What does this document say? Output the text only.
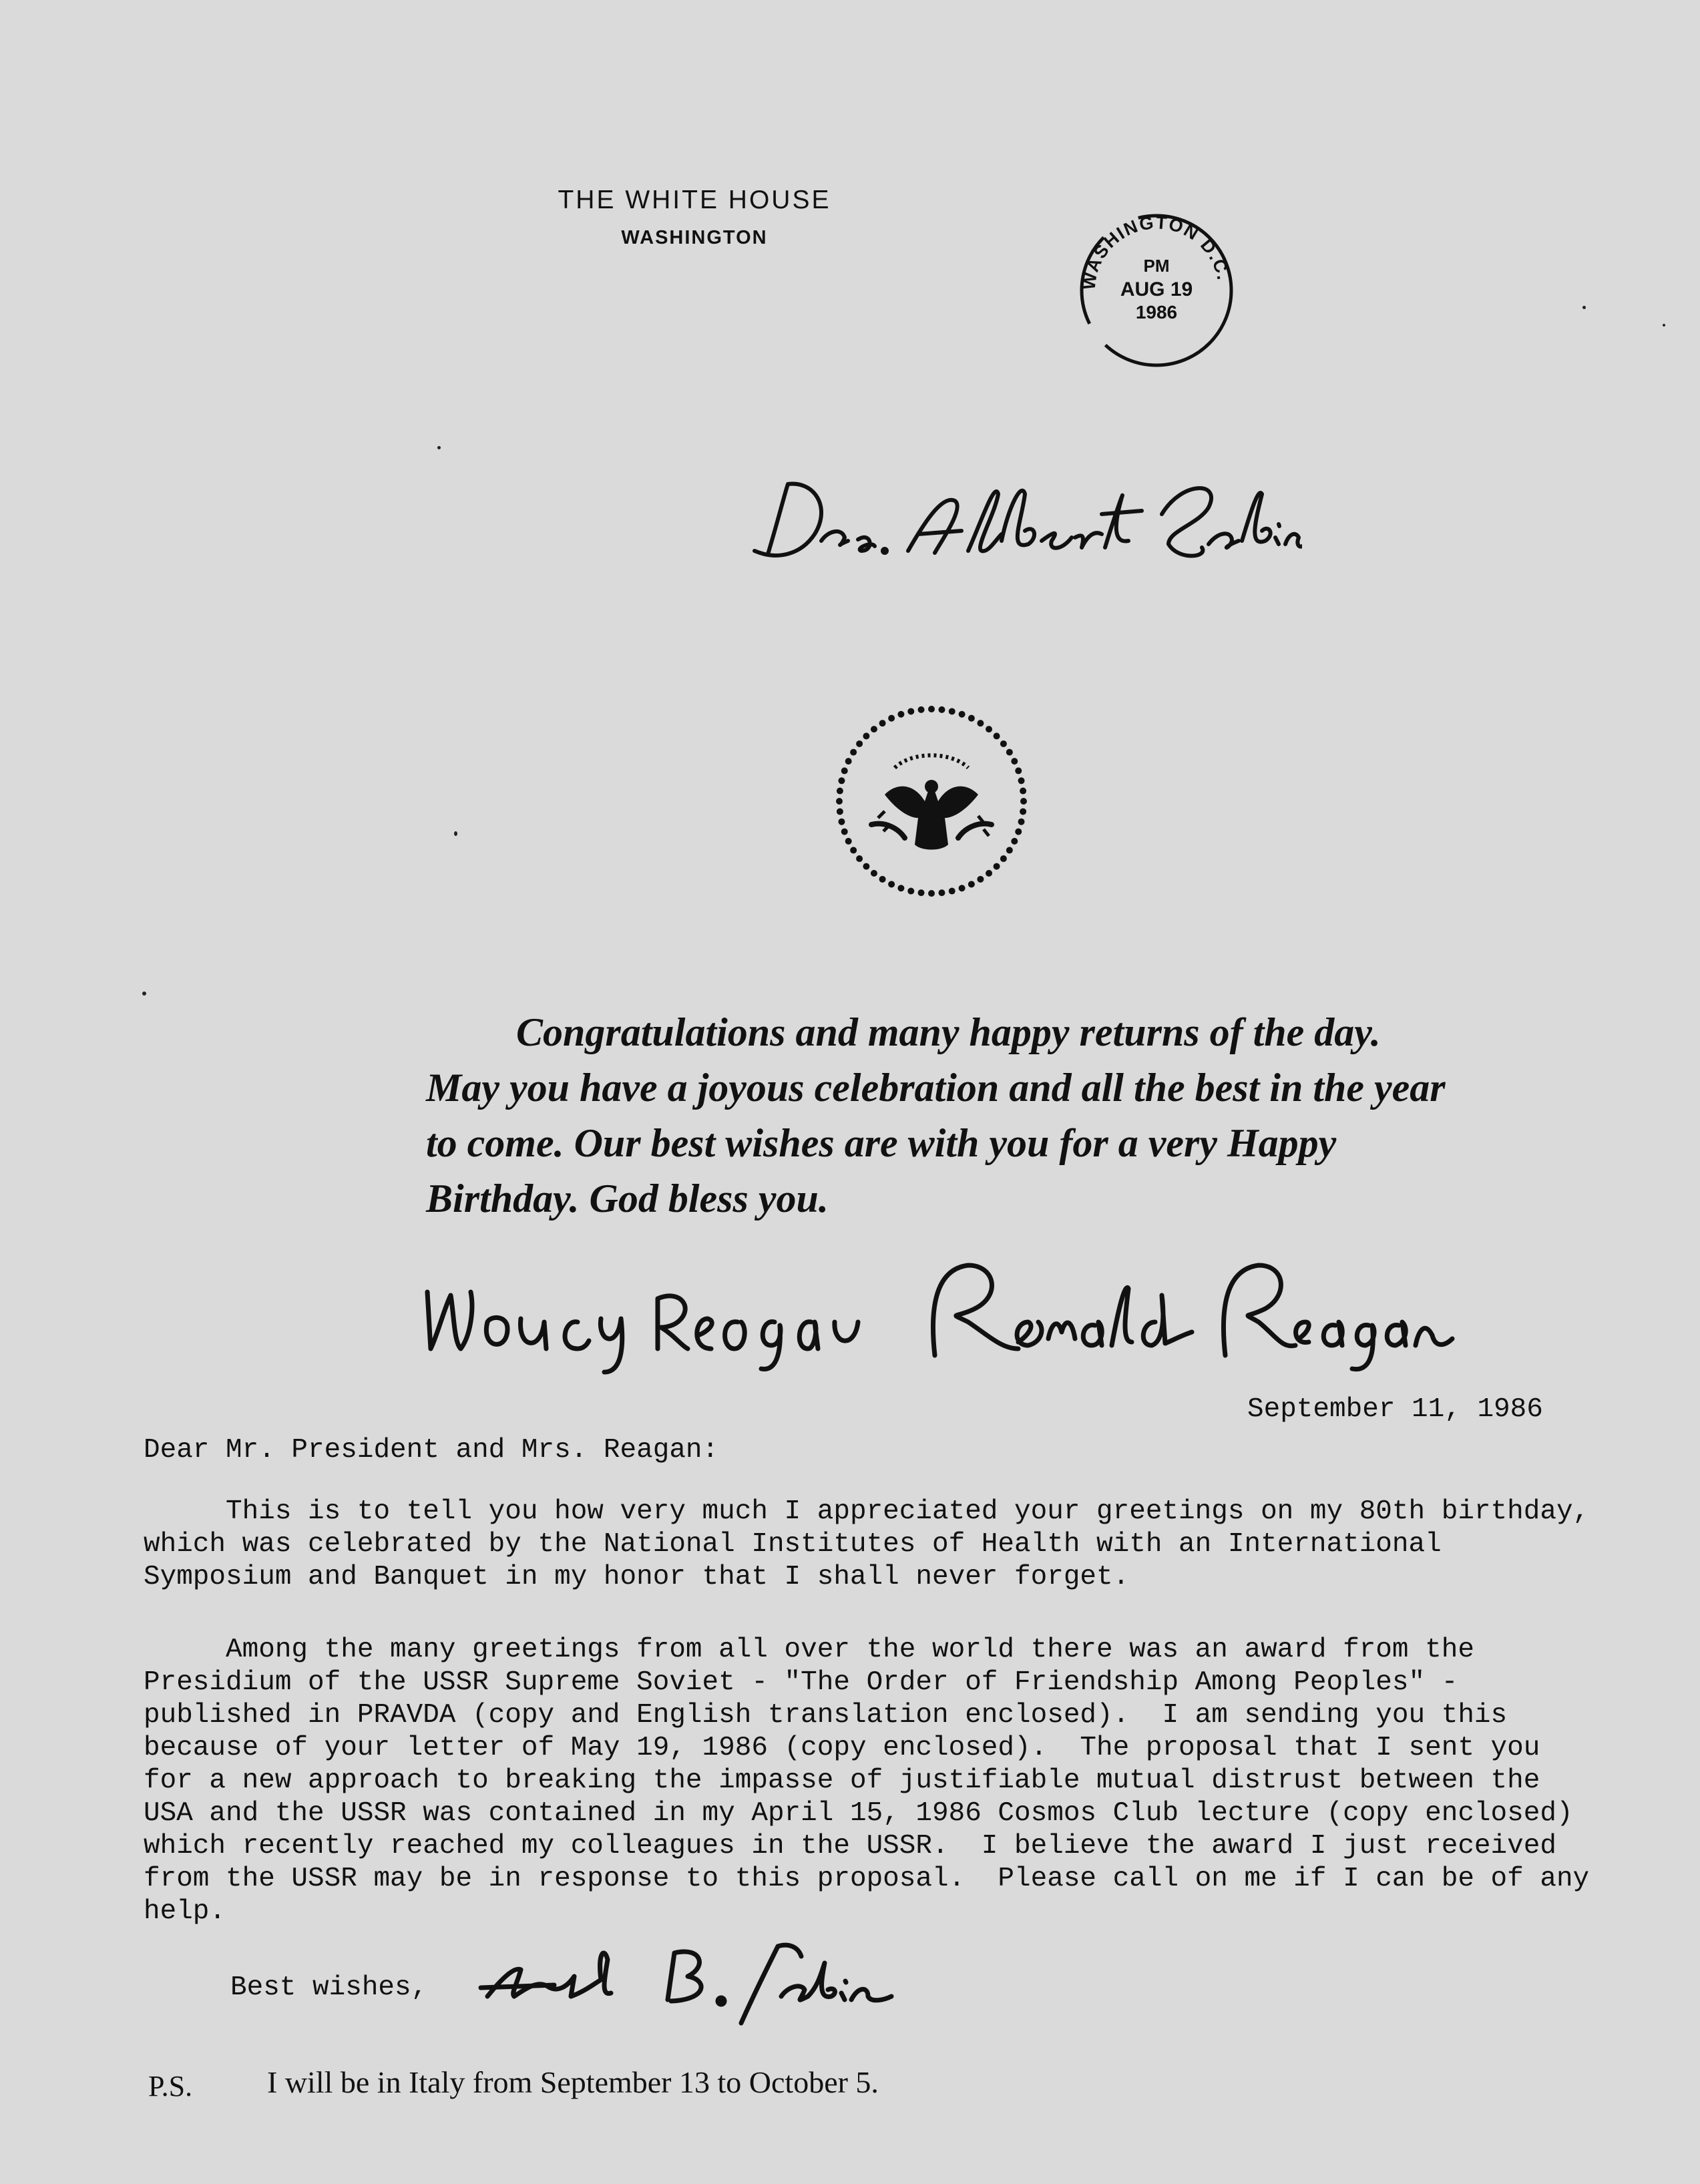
THE WHITE HOUSE
WASHINGTON
WASHINGTON D.C.
PM
AUG 19
1986
Congratulations and many happy returns of the day. May you have a joyous celebration and all the best in the year to come. Our best wishes are with you for a very Happy Birthday. God bless you.
September 11, 1986
Dear Mr. President and Mrs. Reagan:
This is to tell you how very much I appreciated your greetings on my 80th birthday,
which was celebrated by the National Institutes of Health with an International
Symposium and Banquet in my honor that I shall never forget.
Among the many greetings from all over the world there was an award from the
Presidium of the USSR Supreme Soviet - "The Order of Friendship Among Peoples" -
published in PRAVDA (copy and English translation enclosed).  I am sending you this
because of your letter of May 19, 1986 (copy enclosed).  The proposal that I sent you
for a new approach to breaking the impasse of justifiable mutual distrust between the
USA and the USSR was contained in my April 15, 1986 Cosmos Club lecture (copy enclosed)
which recently reached my colleagues in the USSR.  I believe the award I just received
from the USSR may be in response to this proposal.  Please call on me if I can be of any
help.
Best wishes,
P.S. I will be in Italy from September 13 to October 5.
